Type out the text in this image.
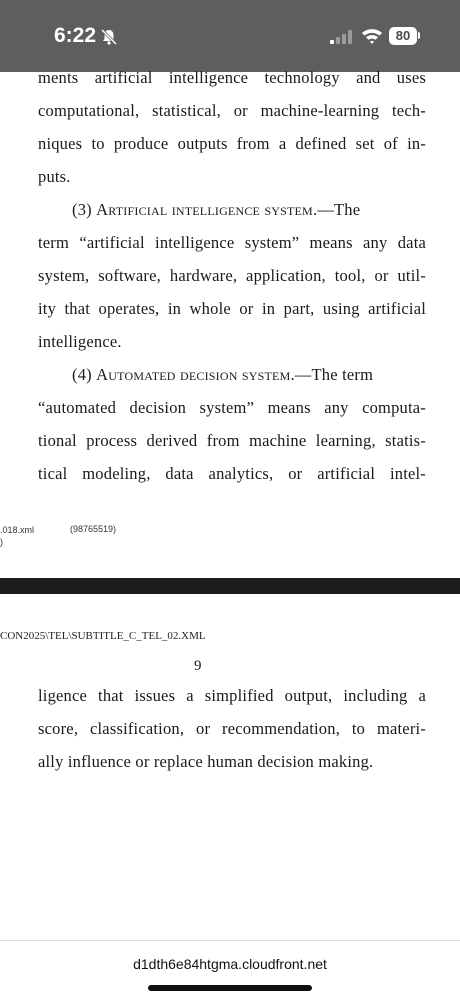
6:22	80
ments artificial intelligence technology and uses
computational, statistical, or machine-learning tech-
niques to produce outputs from a defined set of in-
puts.
(3) Artificial intelligence system.—The
term “artificial intelligence system” means any data
system, software, hardware, application, tool, or util-
ity that operates, in whole or in part, using artificial
intelligence.
(4) Automated decision system.—The term
“automated decision system” means any computa-
tional process derived from machine learning, statis-
tical modeling, data analytics, or artificial intel-
.018.xml
)
(98765519)
CON2025\TEL\SUBTITLE_C_TEL_02.XML
9
ligence that issues a simplified output, including a
score, classification, or recommendation, to materi-
ally influence or replace human decision making.
d1dth6e84htgma.cloudfront.net
